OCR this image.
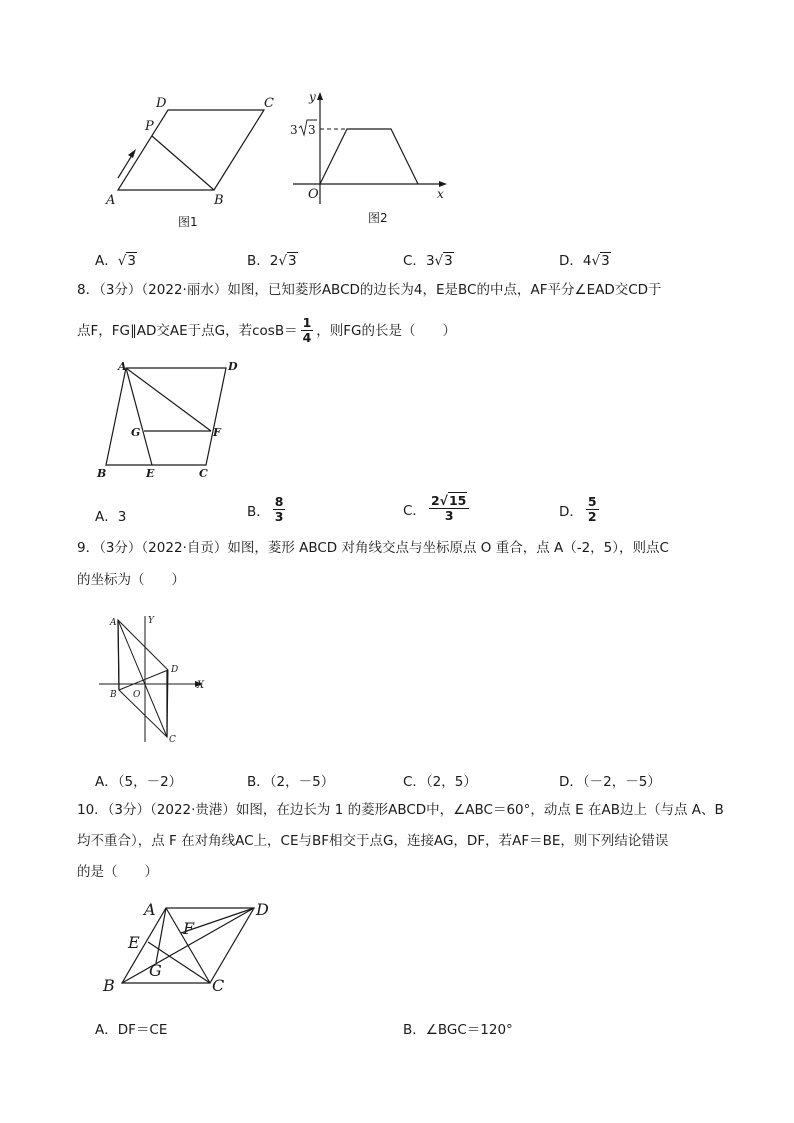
D	C
P
A	B
图1
y
x
O
3 3
图2
A．√3	B．2√3	C．3√3	D．4√3
8．（3分）（2022·丽水）如图，已知菱形ABCD的边长为4，E是BC的中点，AF平分∠EAD交CD于
点F，FG∥AD交AE于点G，若$\cos B= \frac{1}{4}$ ，则FG的长是（　　）
A	D
G	F
B	E	C
A．3	B． $\frac{8}{3}$	C． $\frac{2√15}{3}$	D． $\frac{5}{2}$
9．（3分）（2022·自贡）如图，菱形 ABCD 对角线交点与坐标原点 O 重合，点 A（-2，5），则点C
的坐标为（　　）
A	Y
D
X
B O
C
A．（5，－2）	B．（2，－5）	C．（2，5）	D．（－2，－5）
10．（3分）（2022·贵港）如图，在边长为 1 的菱形ABCD中，∠ABC＝60°，动点 E 在AB边上（与点 A、B
均不重合），点 F 在对角线AC上，CE与BF相交于点G，连接AG，DF，若AF＝BE，则下列结论错误
的是（　　）
A	D
F
E
G
B	C
A．DF＝CE	B．∠BGC＝120°
